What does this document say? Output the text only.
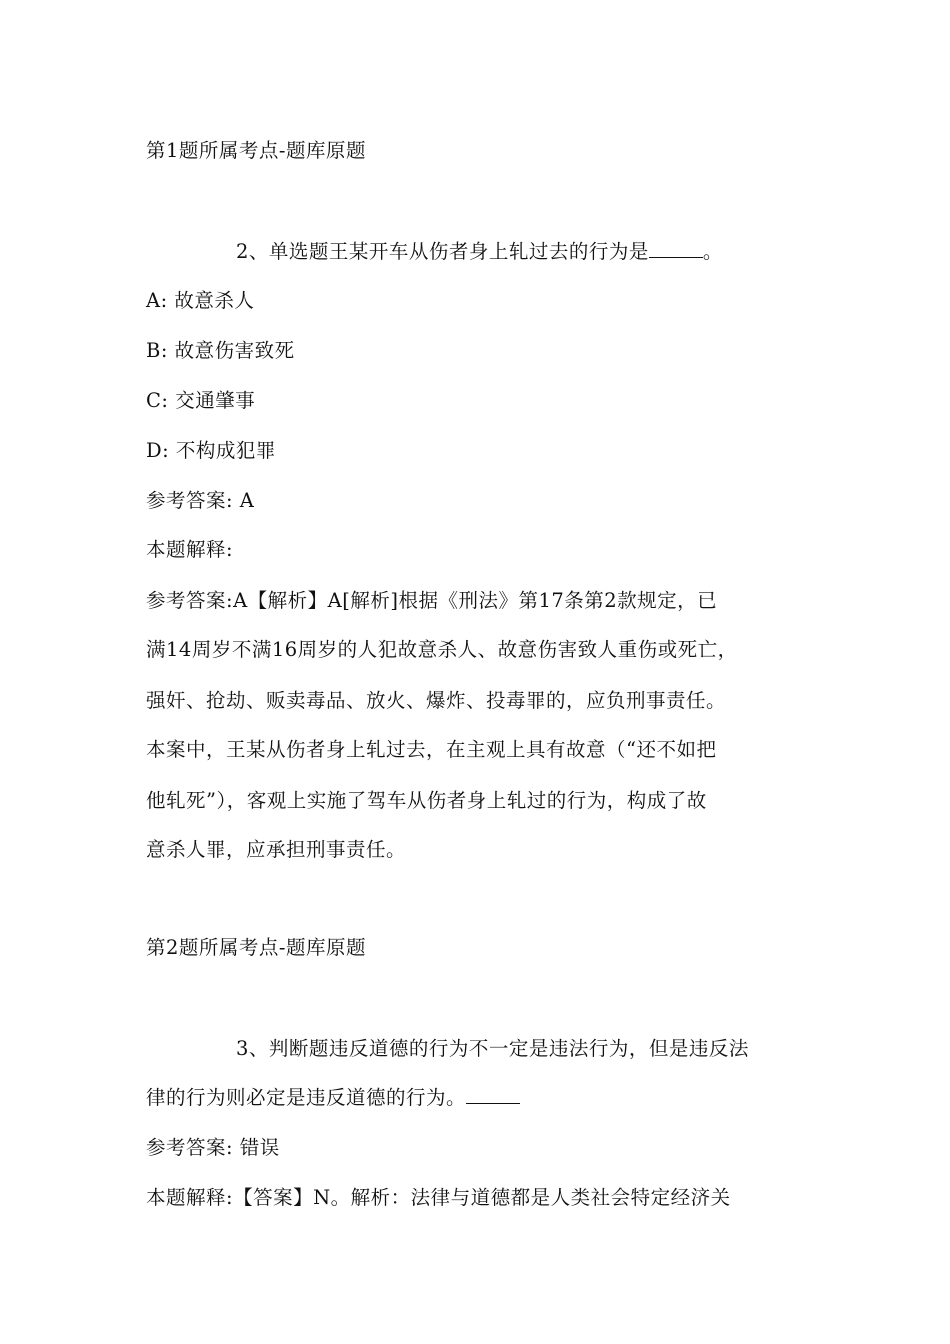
第1题所属考点-题库原题
2、单选题王某开车从伤者身上轧过去的行为是	。
A: 故意杀人
B: 故意伤害致死
C: 交通肇事
D: 不构成犯罪
参考答案: A
本题解释:
参考答案:A【解析】A[解析]根据《刑法》第17条第2款规定，已
满14周岁不满16周岁的人犯故意杀人、故意伤害致人重伤或死亡，
强奸、抢劫、贩卖毒品、放火、爆炸、投毒罪的，应负刑事责任。
本案中，王某从伤者身上轧过去，在主观上具有故意（“还不如把
他轧死”），客观上实施了驾车从伤者身上轧过的行为，构成了故
意杀人罪，应承担刑事责任。
第2题所属考点-题库原题
3、判断题违反道德的行为不一定是违法行为，但是违反法
律的行为则必定是违反道德的行为。
参考答案: 错误
本题解释:【答案】N。解析：法律与道德都是人类社会特定经济关
